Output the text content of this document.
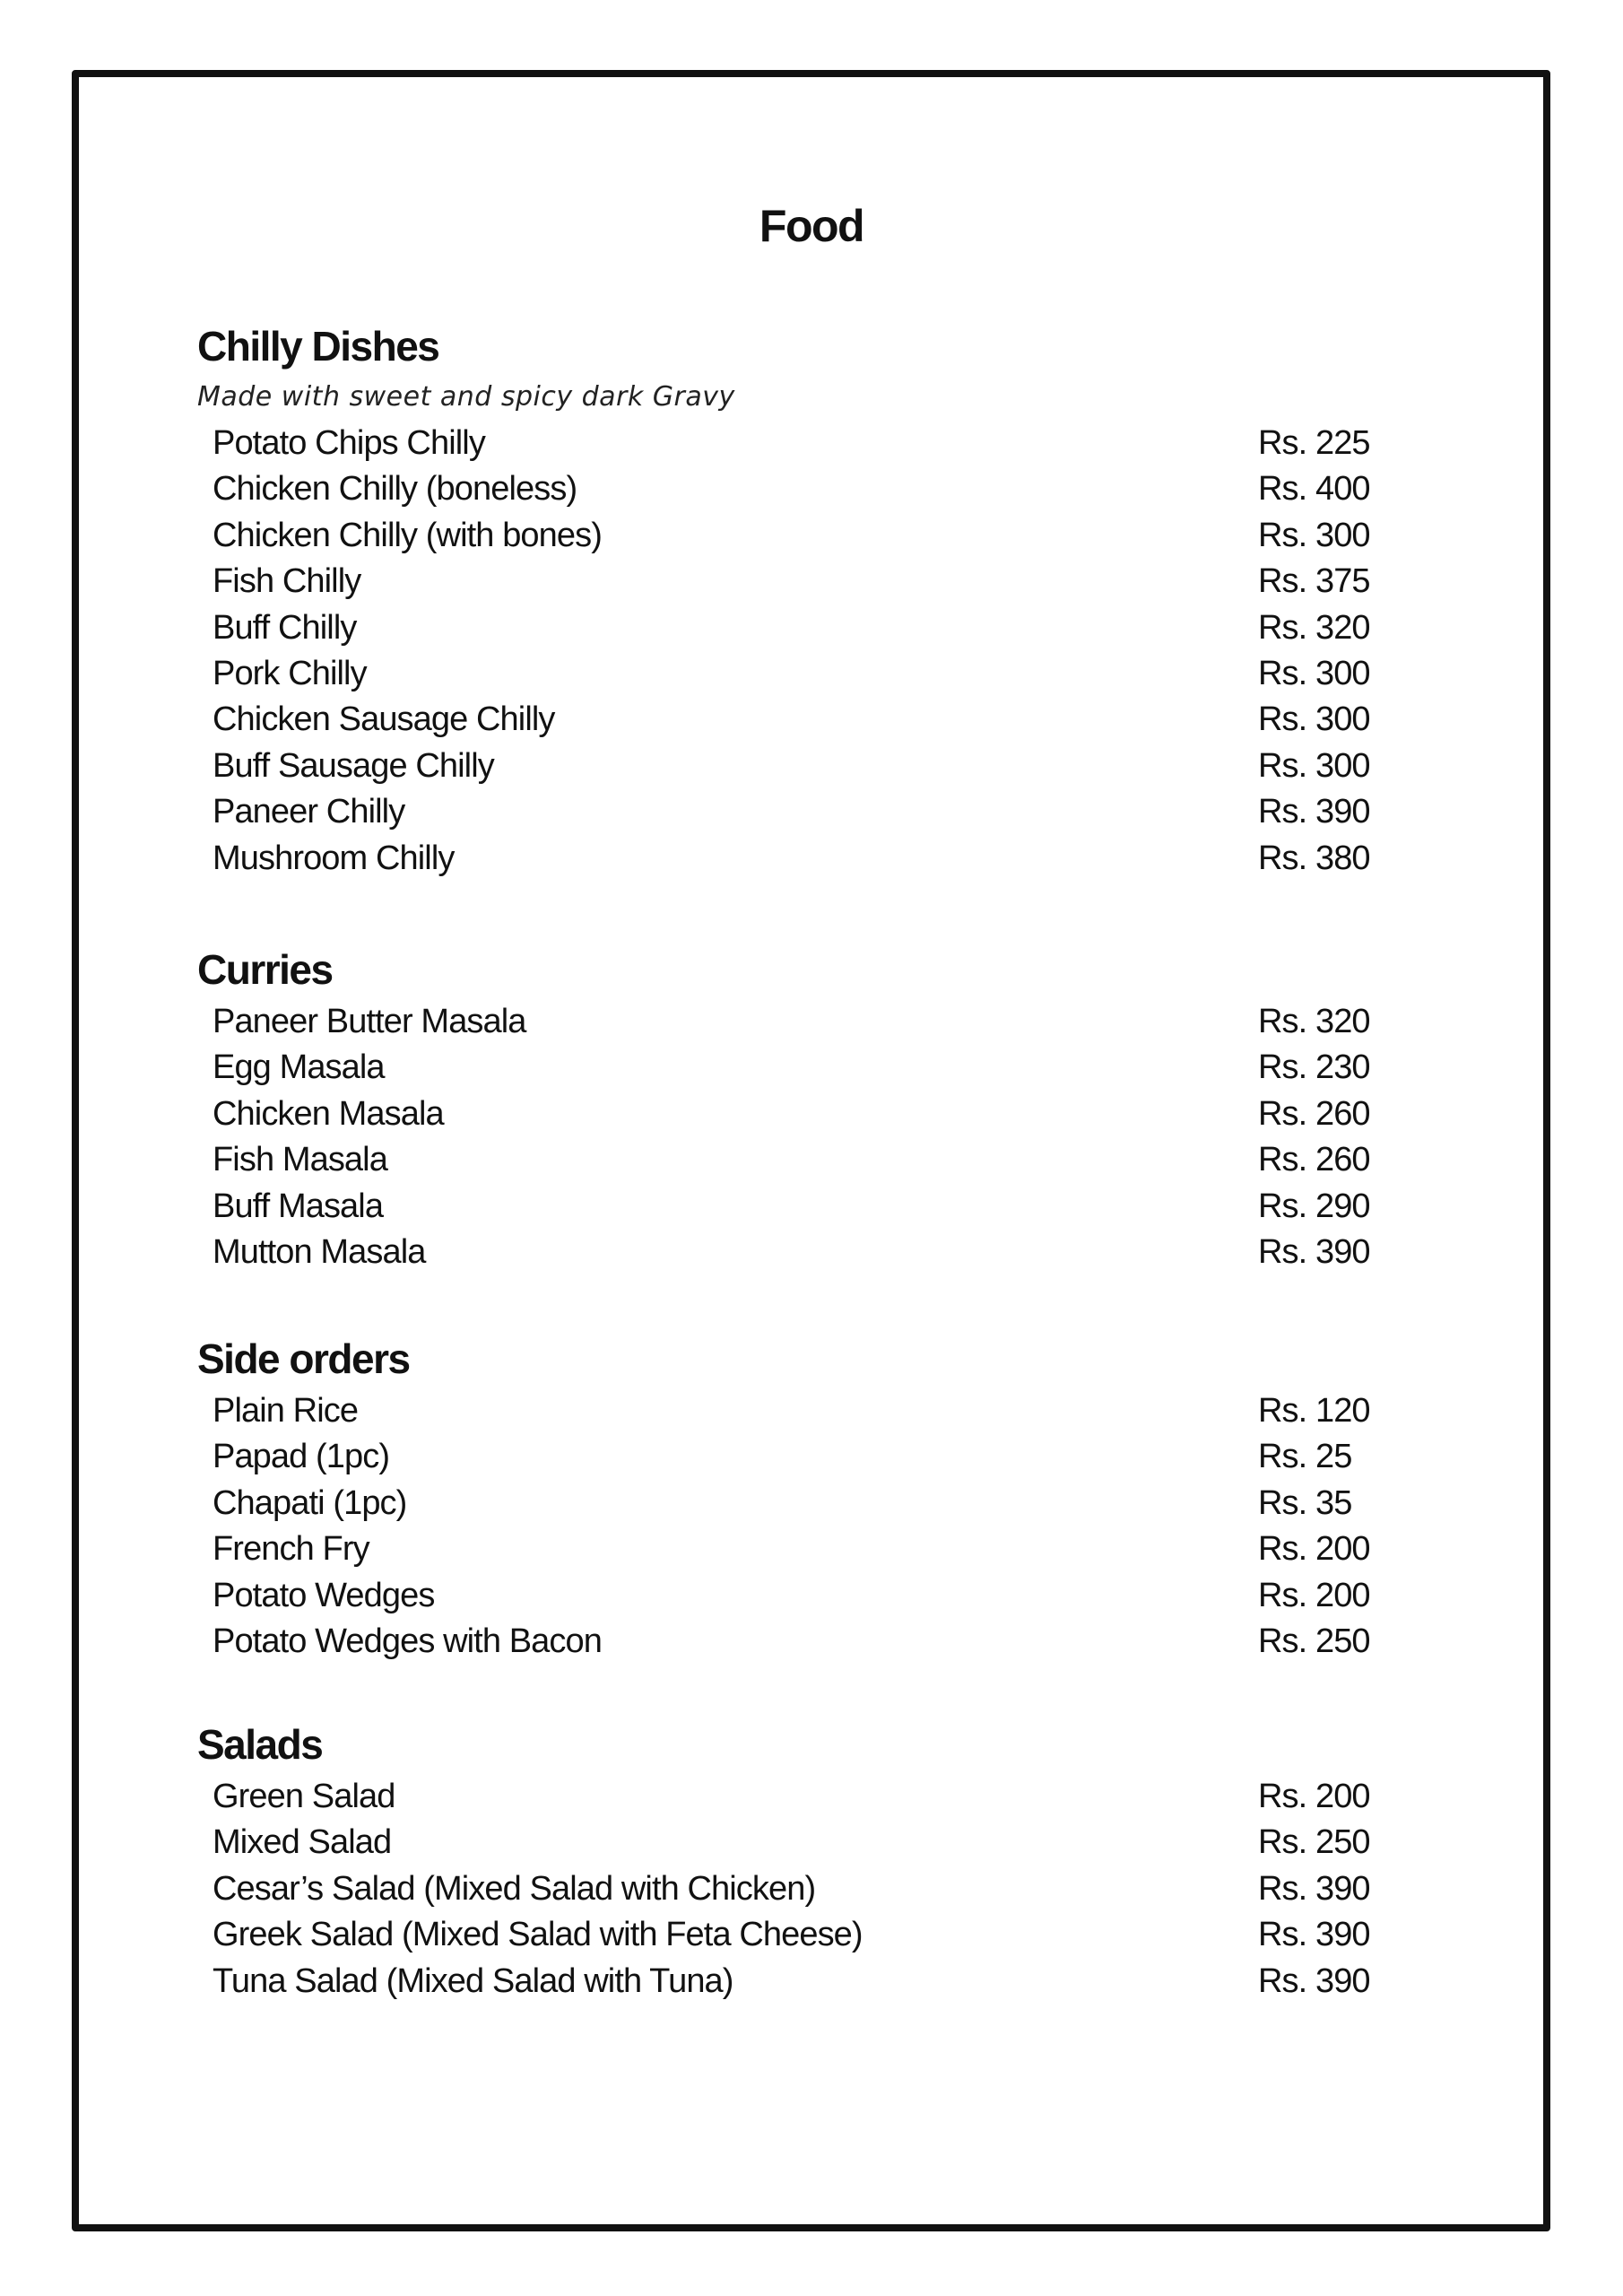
Food
Chilly Dishes
Made with sweet and spicy dark Gravy
Potato Chips Chilly	Rs. 225
Chicken Chilly (boneless)	Rs. 400
Chicken Chilly (with bones)	Rs. 300
Fish Chilly	Rs. 375
Buff Chilly	Rs. 320
Pork Chilly	Rs. 300
Chicken Sausage Chilly	Rs. 300
Buff Sausage Chilly	Rs. 300
Paneer Chilly	Rs. 390
Mushroom Chilly	Rs. 380
Curries
Paneer Butter Masala	Rs. 320
Egg Masala	Rs. 230
Chicken Masala	Rs. 260
Fish Masala	Rs. 260
Buff Masala	Rs. 290
Mutton Masala	Rs. 390
Side orders
Plain Rice	Rs. 120
Papad (1pc)	Rs. 25
Chapati (1pc)	Rs. 35
French Fry	Rs. 200
Potato Wedges	Rs. 200
Potato Wedges with Bacon	Rs. 250
Salads
Green Salad	Rs. 200
Mixed Salad	Rs. 250
Cesar’s Salad (Mixed Salad with Chicken)	Rs. 390
Greek Salad (Mixed Salad with Feta Cheese)	Rs. 390
Tuna Salad (Mixed Salad with Tuna)	Rs. 390
